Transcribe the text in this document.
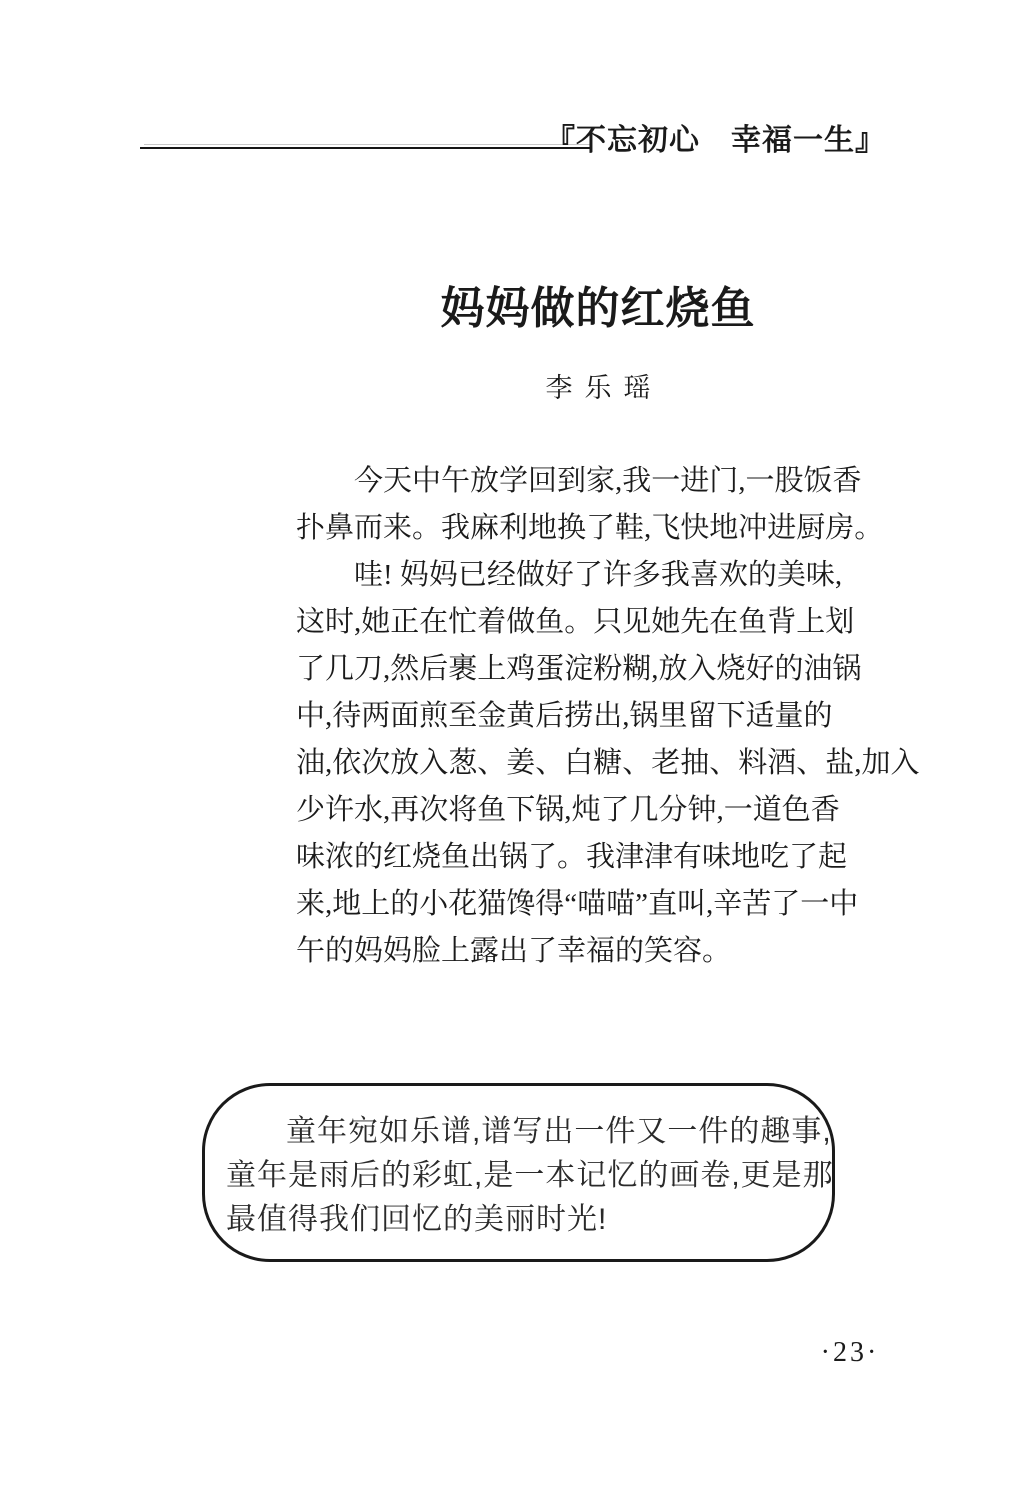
『不忘初心　幸福一生』
妈妈做的红烧鱼
李乐瑶
今天中午放学回到家,我一进门,一股饭香
扑鼻而来。我麻利地换了鞋,飞快地冲进厨房。
哇! 妈妈已经做好了许多我喜欢的美味,
这时,她正在忙着做鱼。只见她先在鱼背上划
了几刀,然后裹上鸡蛋淀粉糊,放入烧好的油锅
中,待两面煎至金黄后捞出,锅里留下适量的
油,依次放入葱、姜、白糖、老抽、料酒、盐,加入
少许水,再次将鱼下锅,炖了几分钟,一道色香
味浓的红烧鱼出锅了。我津津有味地吃了起
来,地上的小花猫馋得“喵喵”直叫,辛苦了一中
午的妈妈脸上露出了幸福的笑容。
童年宛如乐谱,谱写出一件又一件的趣事,
童年是雨后的彩虹,是一本记忆的画卷,更是那
最值得我们回忆的美丽时光!
·23·
